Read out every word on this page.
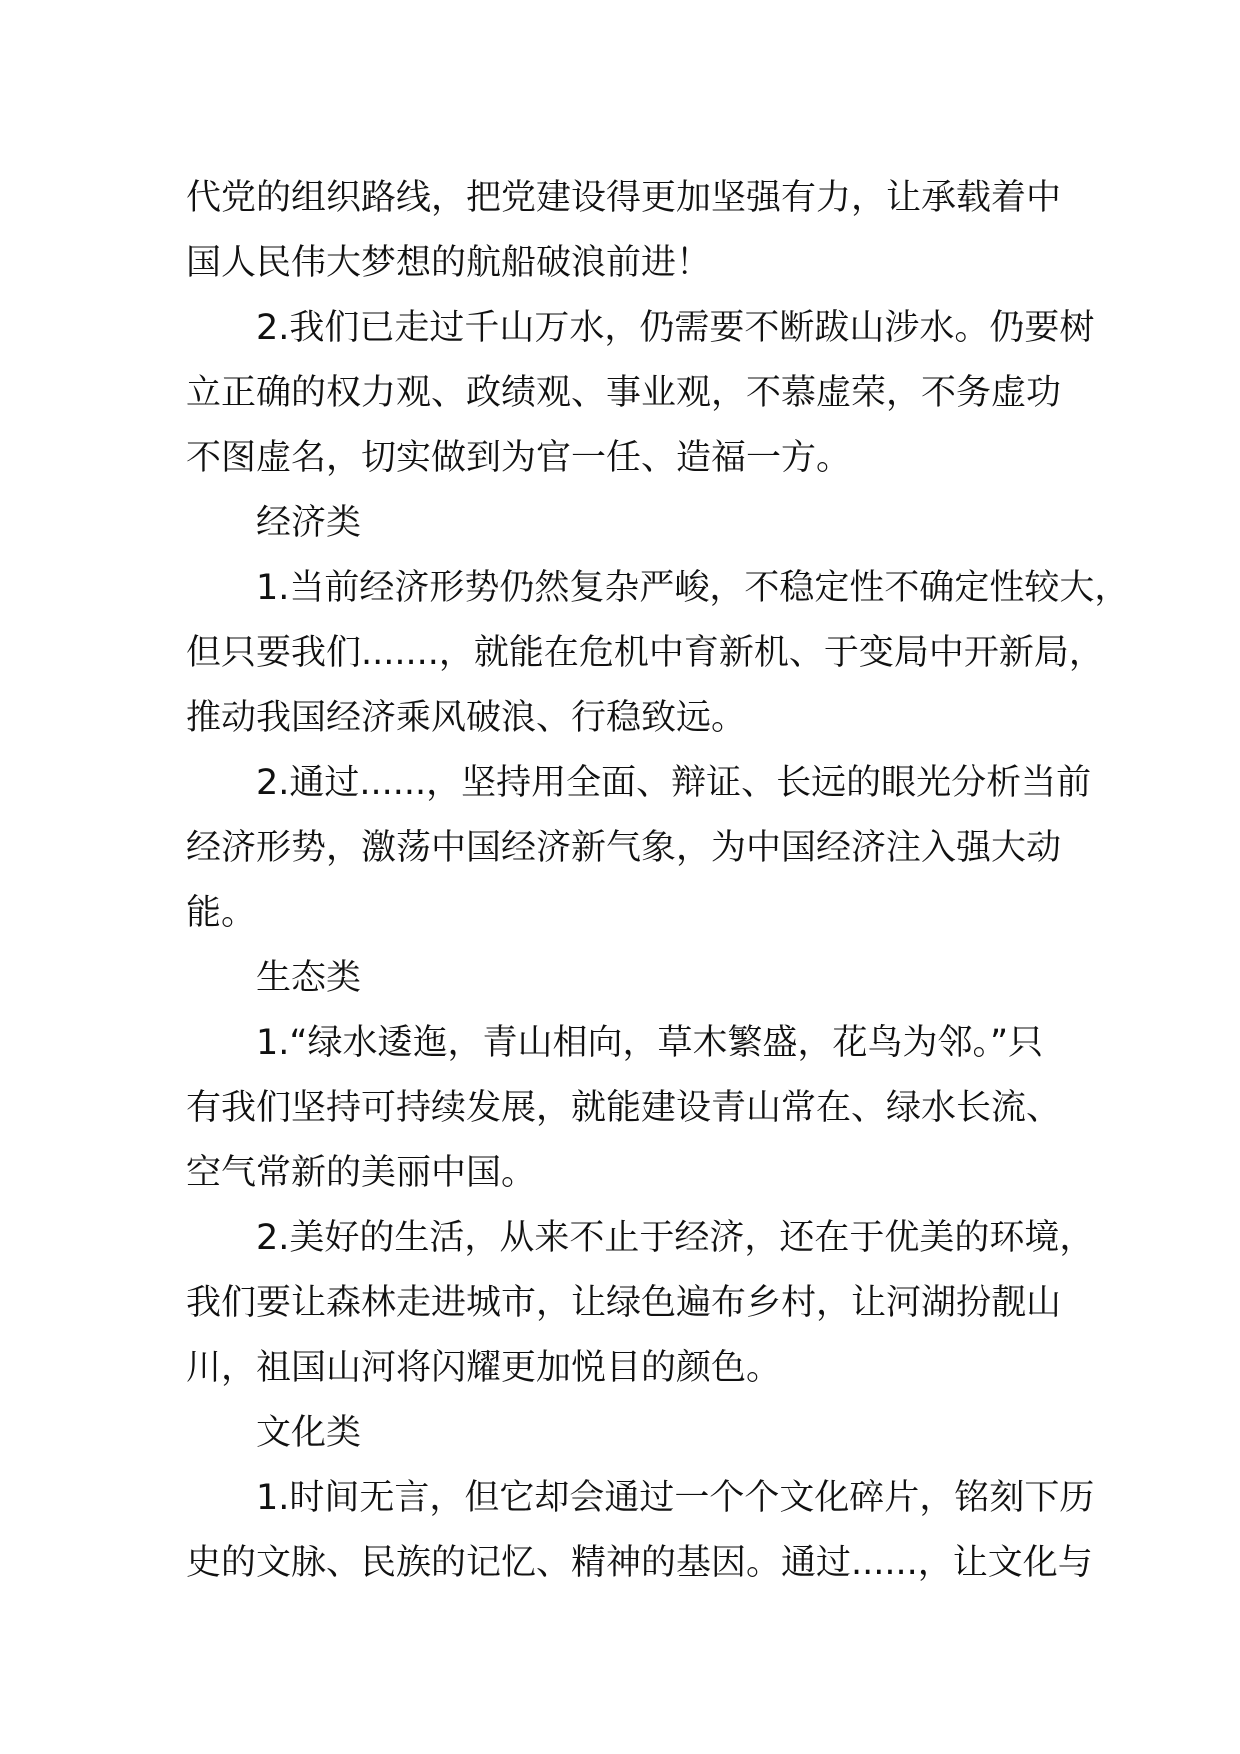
代党的组织路线，把党建设得更加坚强有力，让承载着中
国人民伟大梦想的航船破浪前进！
2.我们已走过千山万水，仍需要不断跋山涉水。仍要树
立正确的权力观、政绩观、事业观，不慕虚荣，不务虚功
不图虚名，切实做到为官一任、造福一方。
经济类
1.当前经济形势仍然复杂严峻，不稳定性不确定性较大，
但只要我们.......，就能在危机中育新机、于变局中开新局，
推动我国经济乘风破浪、行稳致远。
2.通过......，坚持用全面、辩证、长远的眼光分析当前
经济形势，激荡中国经济新气象，为中国经济注入强大动
能。
生态类
1.“绿水逶迤，青山相向，草木繁盛，花鸟为邻。”只
有我们坚持可持续发展，就能建设青山常在、绿水长流、
空气常新的美丽中国。
2.美好的生活，从来不止于经济，还在于优美的环境，
我们要让森林走进城市，让绿色遍布乡村，让河湖扮靓山
川，祖国山河将闪耀更加悦目的颜色。
文化类
1.时间无言，但它却会通过一个个文化碎片，铭刻下历
史的文脉、民族的记忆、精神的基因。通过......，让文化与
